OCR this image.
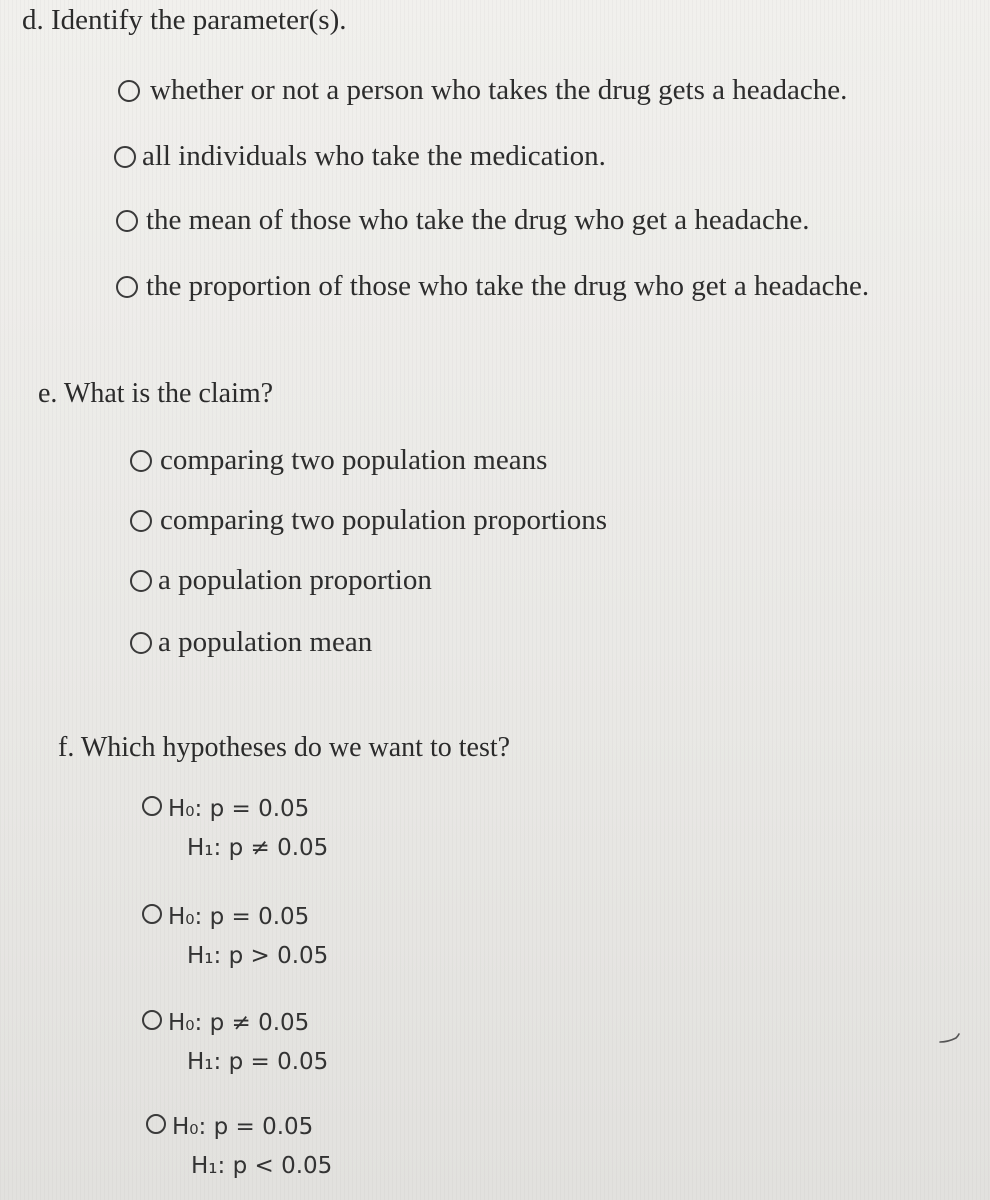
d. Identify the parameter(s).
whether or not a person who takes the drug gets a headache.
all individuals who take the medication.
the mean of those who take the drug who get a headache.
the proportion of those who take the drug who get a headache.
e. What is the claim?
comparing two population means
comparing two population proportions
a population proportion
a population mean
f. Which hypotheses do we want to test?
H₀: p = 0.05
H₁: p ≠ 0.05
H₀: p = 0.05
H₁: p > 0.05
H₀: p ≠ 0.05
H₁: p = 0.05
H₀: p = 0.05
H₁: p < 0.05
